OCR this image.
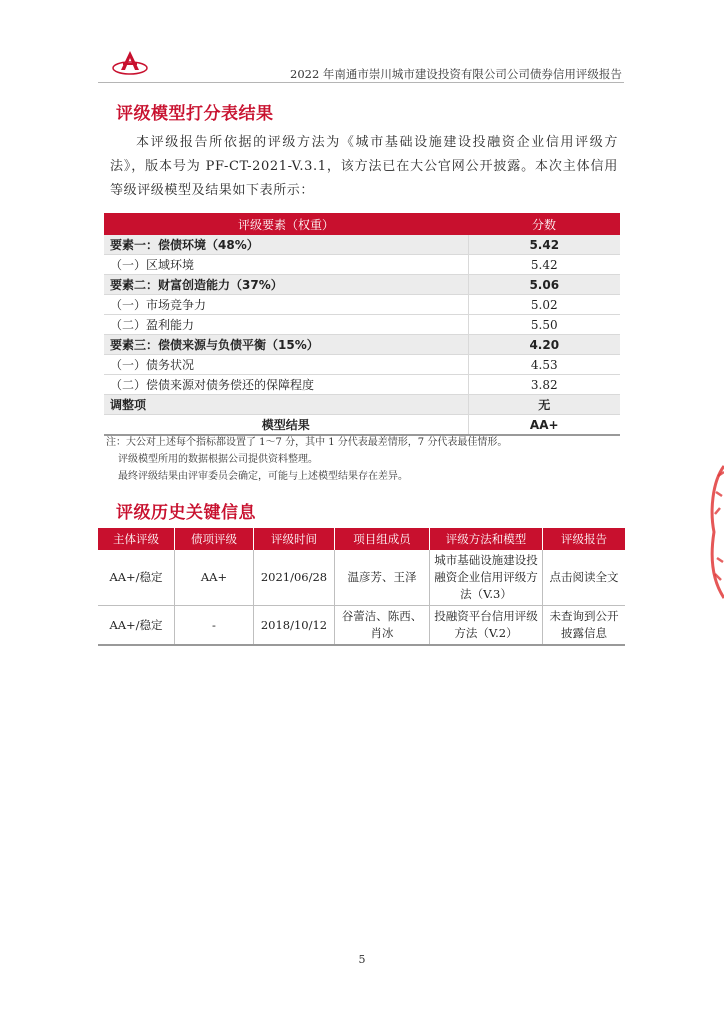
2022 年南通市崇川城市建设投资有限公司公司债券信用评级报告
评级模型打分表结果
本评级报告所依据的评级方法为《城市基础设施建设投融资企业信用评级方法》，版本号为 PF-CT-2021-V.3.1，该方法已在大公官网公开披露。本次主体信用等级评级模型及结果如下表所示：
评级要素（权重）	分数
要素一：偿债环境（48%）	5.42
（一）区域环境	5.42
要素二：财富创造能力（37%）	5.06
（一）市场竞争力	5.02
（二）盈利能力	5.50
要素三：偿债来源与负债平衡（15%）	4.20
（一）债务状况	4.53
（二）偿债来源对债务偿还的保障程度	3.82
调整项	无
模型结果	AA+
注：大公对上述每个指标都设置了 1～7 分，其中 1 分代表最差情形，7 分代表最佳情形。
评级模型所用的数据根据公司提供资料整理。
最终评级结果由评审委员会确定，可能与上述模型结果存在差异。
评级历史关键信息
主体评级	债项评级	评级时间	项目组成员	评级方法和模型	评级报告
AA+/稳定	AA+	2021/06/28	温彦芳、王泽	城市基础设施建设投融资企业信用评级方法（V.3）	点击阅读全文
AA+/稳定	-	2018/10/12	谷蕾洁、陈西、肖冰	投融资平台信用评级方法（V.2）	未查询到公开披露信息
5
